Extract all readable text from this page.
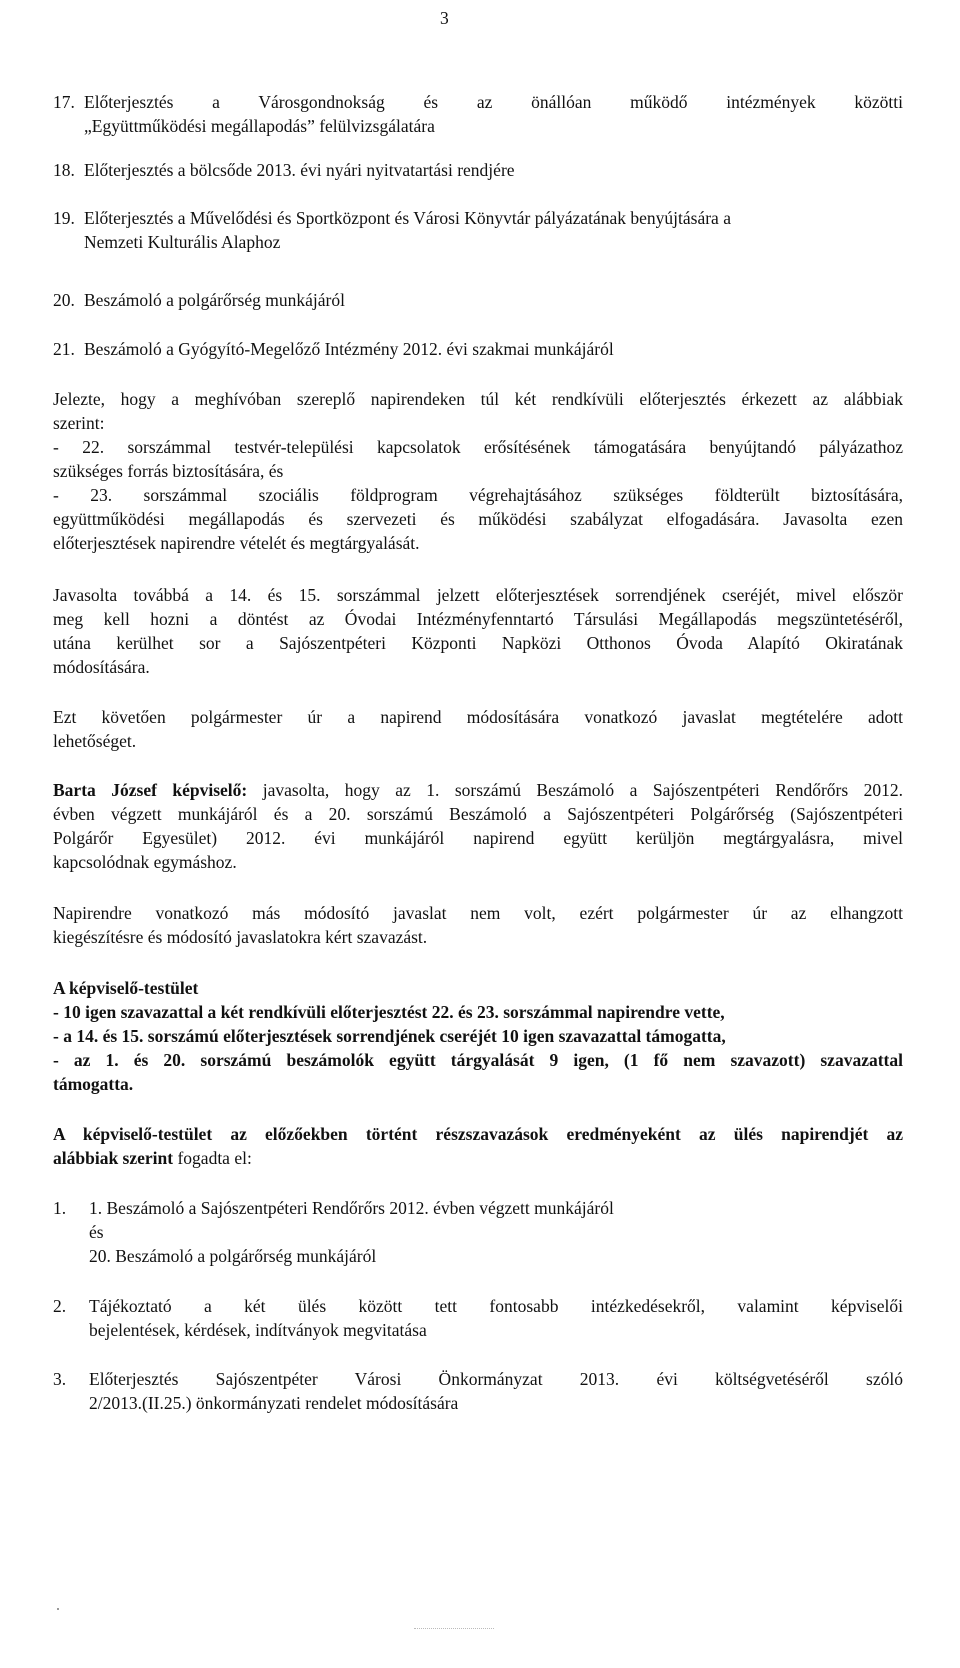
3
17. Előterjesztés a Városgondnokság és az önállóan működő intézmények közötti
„Együttműködési megállapodás” felülvizsgálatára
18. Előterjesztés a bölcsőde 2013. évi nyári nyitvatartási rendjére
19. Előterjesztés a Művelődési és Sportközpont és Városi Könyvtár pályázatának benyújtására a
Nemzeti Kulturális Alaphoz
20. Beszámoló a polgárőrség munkájáról
21. Beszámoló a Gyógyító-Megelőző Intézmény 2012. évi szakmai munkájáról
Jelezte, hogy a meghívóban szereplő napirendeken túl két rendkívüli előterjesztés érkezett az alábbiak
szerint:
- 22. sorszámmal testvér-települési kapcsolatok erősítésének támogatására benyújtandó pályázathoz
szükséges forrás biztosítására, és
- 23. sorszámmal szociális földprogram végrehajtásához szükséges földterült biztosítására,
együttműködési megállapodás és szervezeti és működési szabályzat elfogadására. Javasolta ezen
előterjesztések napirendre vételét és megtárgyalását.
Javasolta továbbá a 14. és 15. sorszámmal jelzett előterjesztések sorrendjének cseréjét, mivel először
meg kell hozni a döntést az Óvodai Intézményfenntartó Társulási Megállapodás megszüntetéséről,
utána kerülhet sor a Sajószentpéteri Központi Napközi Otthonos Óvoda Alapító Okiratának
módosítására.
Ezt követően polgármester úr a napirend módosítására vonatkozó javaslat megtételére adott
lehetőséget.
Barta József képviselő: javasolta, hogy az 1. sorszámú Beszámoló a Sajószentpéteri Rendőrőrs 2012.
évben végzett munkájáról és a 20. sorszámú Beszámoló a Sajószentpéteri Polgárőrség (Sajószentpéteri
Polgárőr Egyesület) 2012. évi munkájáról napirend együtt kerüljön megtárgyalásra, mivel
kapcsolódnak egymáshoz.
Napirendre vonatkozó más módosító javaslat nem volt, ezért polgármester úr az elhangzott
kiegészítésre és módosító javaslatokra kért szavazást.
A képviselő-testület
- 10 igen szavazattal a két rendkívüli előterjesztést 22. és 23. sorszámmal napirendre vette,
- a 14. és 15. sorszámú előterjesztések sorrendjének cseréjét 10 igen szavazattal támogatta,
- az 1. és 20. sorszámú beszámolók együtt tárgyalását 9 igen, (1 fő nem szavazott) szavazattal
támogatta.
A képviselő-testület az előzőekben történt részszavazások eredményeként az ülés napirendjét az
alábbiak szerint fogadta el:
1. 1. Beszámoló a Sajószentpéteri Rendőrőrs 2012. évben végzett munkájáról
és
20. Beszámoló a polgárőrség munkájáról
2. Tájékoztató a két ülés között tett fontosabb intézkedésekről, valamint képviselői
bejelentések, kérdések, indítványok megvitatása
3. Előterjesztés Sajószentpéter Városi Önkormányzat 2013. évi költségvetéséről szóló
2/2013.(II.25.) önkormányzati rendelet módosítására
